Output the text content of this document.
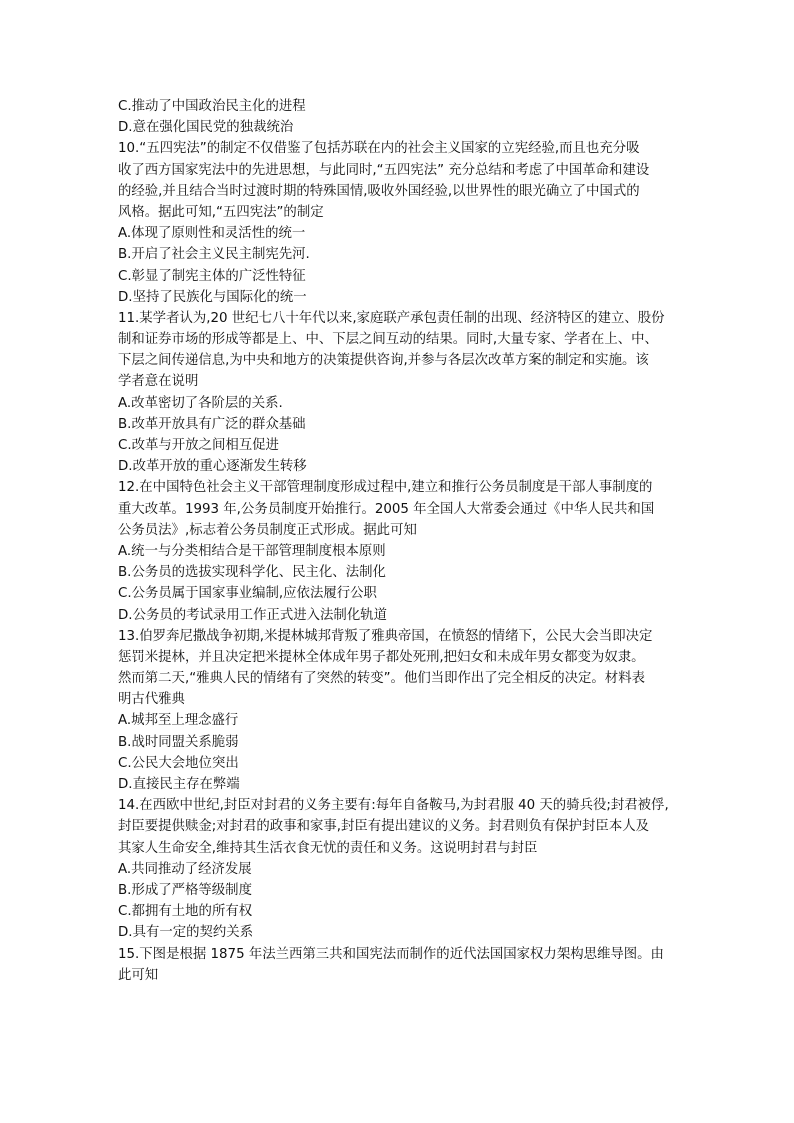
C.推动了中国政治民主化的进程
D.意在强化国民党的独裁统治
10.“五四宪法”的制定不仅借鉴了包括苏联在内的社会主义国家的立宪经验,而且也充分吸
收了西方国家宪法中的先进思想，与此同时,“五四宪法” 充分总结和考虑了中国革命和建设
的经验,并且结合当时过渡时期的特殊国情,吸收外国经验,以世界性的眼光确立了中国式的
风格。据此可知,“五四宪法”的制定
A.体现了原则性和灵活性的统一
B.开启了社会主义民主制宪先河.
C.彰显了制宪主体的广泛性特征
D.坚持了民族化与国际化的统一
11.某学者认为,20 世纪七八十年代以来,家庭联产承包责任制的出现、经济特区的建立、股份
制和证券市场的形成等都是上、中、下层之间互动的结果。同时,大量专家、学者在上、中、
下层之间传递信息,为中央和地方的决策提供咨询,并参与各层次改革方案的制定和实施。该
学者意在说明
A.改革密切了各阶层的关系.
B.改革开放具有广泛的群众基础
C.改革与开放之间相互促进
D.改革开放的重心逐渐发生转移
12.在中国特色社会主义干部管理制度形成过程中,建立和推行公务员制度是干部人事制度的
重大改革。1993 年,公务员制度开始推行。2005 年全国人大常委会通过《中华人民共和国
公务员法》,标志着公务员制度正式形成。据此可知
A.统一与分类相结合是干部管理制度根本原则
B.公务员的选拔实现科学化、民主化、法制化
C.公务员属于国家事业编制,应依法履行公职
D.公务员的考试录用工作正式进入法制化轨道
13.伯罗奔尼撒战争初期,米提林城邦背叛了雅典帝国，在愤怒的情绪下，公民大会当即决定
惩罚米提林，并且决定把米提林全体成年男子都处死刑,把妇女和未成年男女都变为奴隶。
然而第二天,“雅典人民的情绪有了突然的转变”。他们当即作出了完全相反的决定。材料表
明古代雅典
A.城邦至上理念盛行
B.战时同盟关系脆弱
C.公民大会地位突出
D.直接民主存在弊端
14.在西欧中世纪,封臣对封君的义务主要有:每年自备鞍马,为封君服 40 天的骑兵役;封君被俘,
封臣要提供赎金;对封君的政事和家事,封臣有提出建议的义务。封君则负有保护封臣本人及
其家人生命安全,维持其生活衣食无忧的责任和义务。这说明封君与封臣
A.共同推动了经济发展
B.形成了严格等级制度
C.都拥有土地的所有权
D.具有一定的契约关系
15.下图是根据 1875 年法兰西第三共和国宪法而制作的近代法国国家权力架构思维导图。由
此可知
